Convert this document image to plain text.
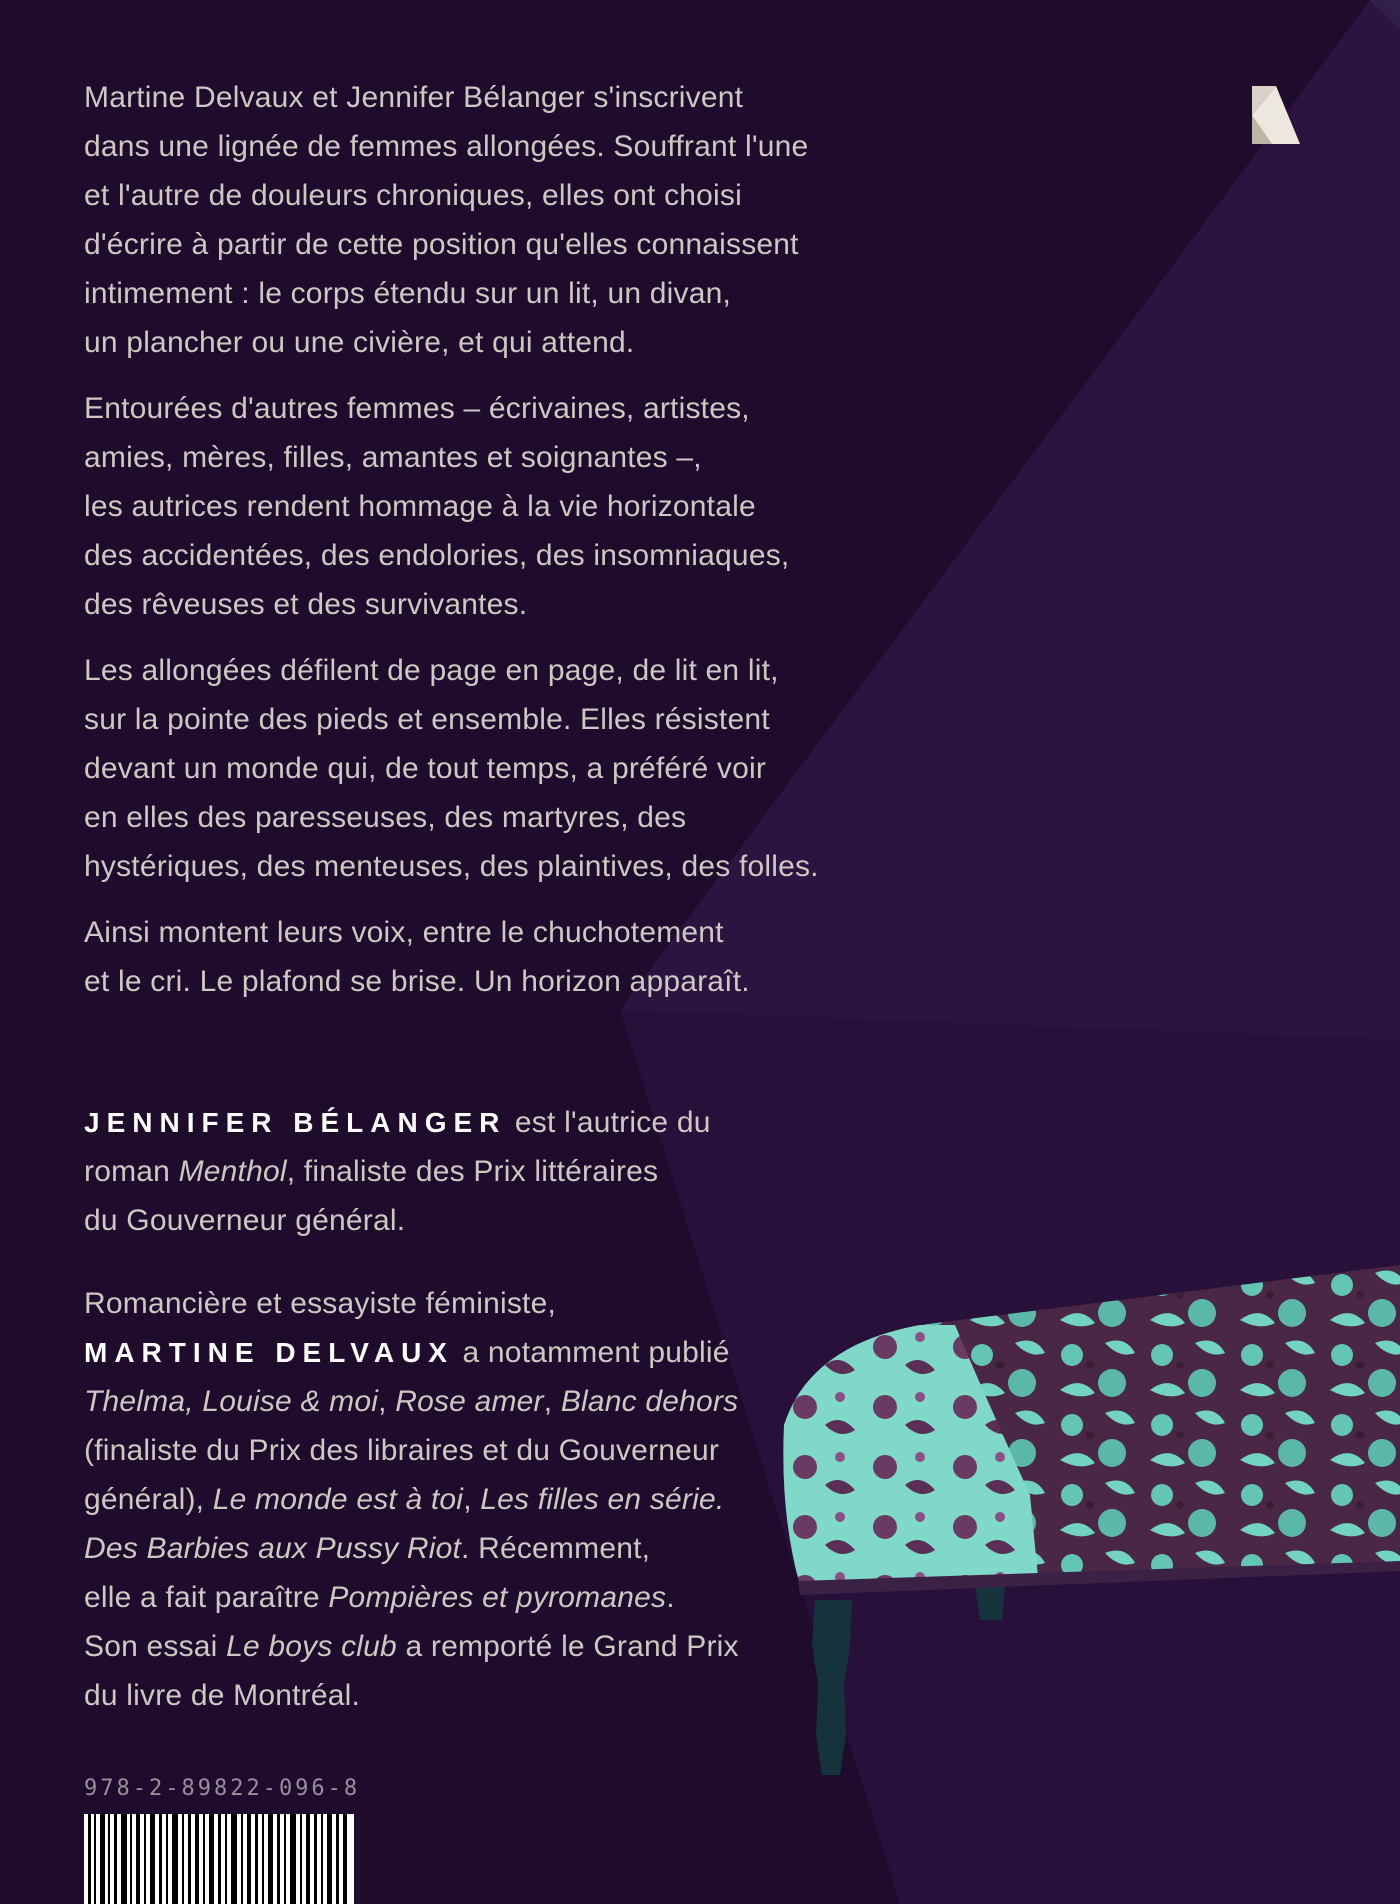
Martine Delvaux et Jennifer Bélanger s'inscrivent
dans une lignée de femmes allongées. Souffrant l'une
et l'autre de douleurs chroniques, elles ont choisi
d'écrire à partir de cette position qu'elles connaissent
intimement : le corps étendu sur un lit, un divan,
un plancher ou une civière, et qui attend.

Entourées d'autres femmes – écrivaines, artistes,
amies, mères, filles, amantes et soignantes –,
les autrices rendent hommage à la vie horizontale
des accidentées, des endolories, des insomniaques,
des rêveuses et des survivantes.

Les allongées défilent de page en page, de lit en lit,
sur la pointe des pieds et ensemble. Elles résistent
devant un monde qui, de tout temps, a préféré voir
en elles des paresseuses, des martyres, des
hystériques, des menteuses, des plaintives, des folles.

Ainsi montent leurs voix, entre le chuchotement
et le cri. Le plafond se brise. Un horizon apparaît.

JENNIFER BÉLANGER est l'autrice du
roman Menthol, finaliste des Prix littéraires
du Gouverneur général.
Romancière et essayiste féministe,
MARTINE DELVAUX a notamment publié
Thelma, Louise & moi, Rose amer, Blanc dehors
(finaliste du Prix des libraires et du Gouverneur
général), Le monde est à toi, Les filles en série.
Des Barbies aux Pussy Riot. Récemment,
elle a fait paraître Pompières et pyromanes.
Son essai Le boys club a remporté le Grand Prix
du livre de Montréal.
978-2-89822-096-8
